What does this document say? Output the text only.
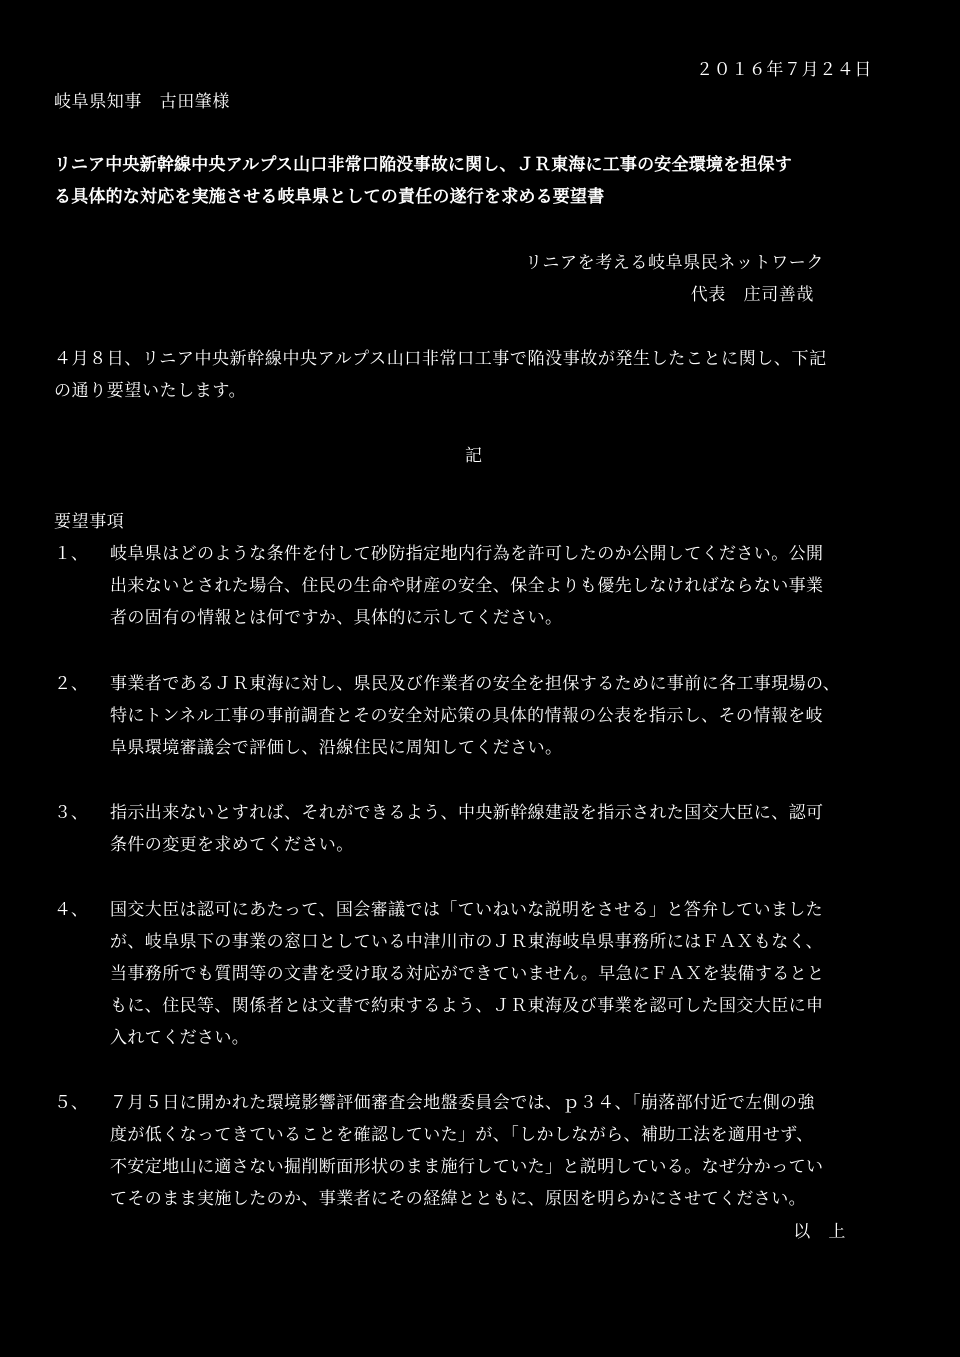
２０１６年７月２４日
岐阜県知事　古田肇様
リニア中央新幹線中央アルプス山口非常口陥没事故に関し、ＪＲ東海に工事の安全環境を担保す
る具体的な対応を実施させる岐阜県としての責任の遂行を求める要望書
リニアを考える岐阜県民ネットワーク
代表　庄司善哉
４月８日、リニア中央新幹線中央アルプス山口非常口工事で陥没事故が発生したことに関し、下記
の通り要望いたします。
記
要望事項
１、 岐阜県はどのような条件を付して砂防指定地内行為を許可したのか公開してください。公開
出来ないとされた場合、住民の生命や財産の安全、保全よりも優先しなければならない事業
者の固有の情報とは何ですか、具体的に示してください。
２、 事業者であるＪＲ東海に対し、県民及び作業者の安全を担保するために事前に各工事現場の、
特にトンネル工事の事前調査とその安全対応策の具体的情報の公表を指示し、その情報を岐
阜県環境審議会で評価し、沿線住民に周知してください。
３、 指示出来ないとすれば、それができるよう、中央新幹線建設を指示された国交大臣に、認可
条件の変更を求めてください。
４、 国交大臣は認可にあたって、国会審議では「ていねいな説明をさせる」と答弁していました
が、岐阜県下の事業の窓口としている中津川市のＪＲ東海岐阜県事務所にはＦＡＸもなく、
当事務所でも質問等の文書を受け取る対応ができていません。早急にＦＡＸを装備するとと
もに、住民等、関係者とは文書で約束するよう、ＪＲ東海及び事業を認可した国交大臣に申
入れてください。
５、 ７月５日に開かれた環境影響評価審査会地盤委員会では、ｐ３４、「崩落部付近で左側の強
度が低くなってきていることを確認していた」が、「しかしながら、補助工法を適用せず、
不安定地山に適さない掘削断面形状のまま施行していた」と説明している。なぜ分かってい
てそのまま実施したのか、事業者にその経緯とともに、原因を明らかにさせてください。
以　上
